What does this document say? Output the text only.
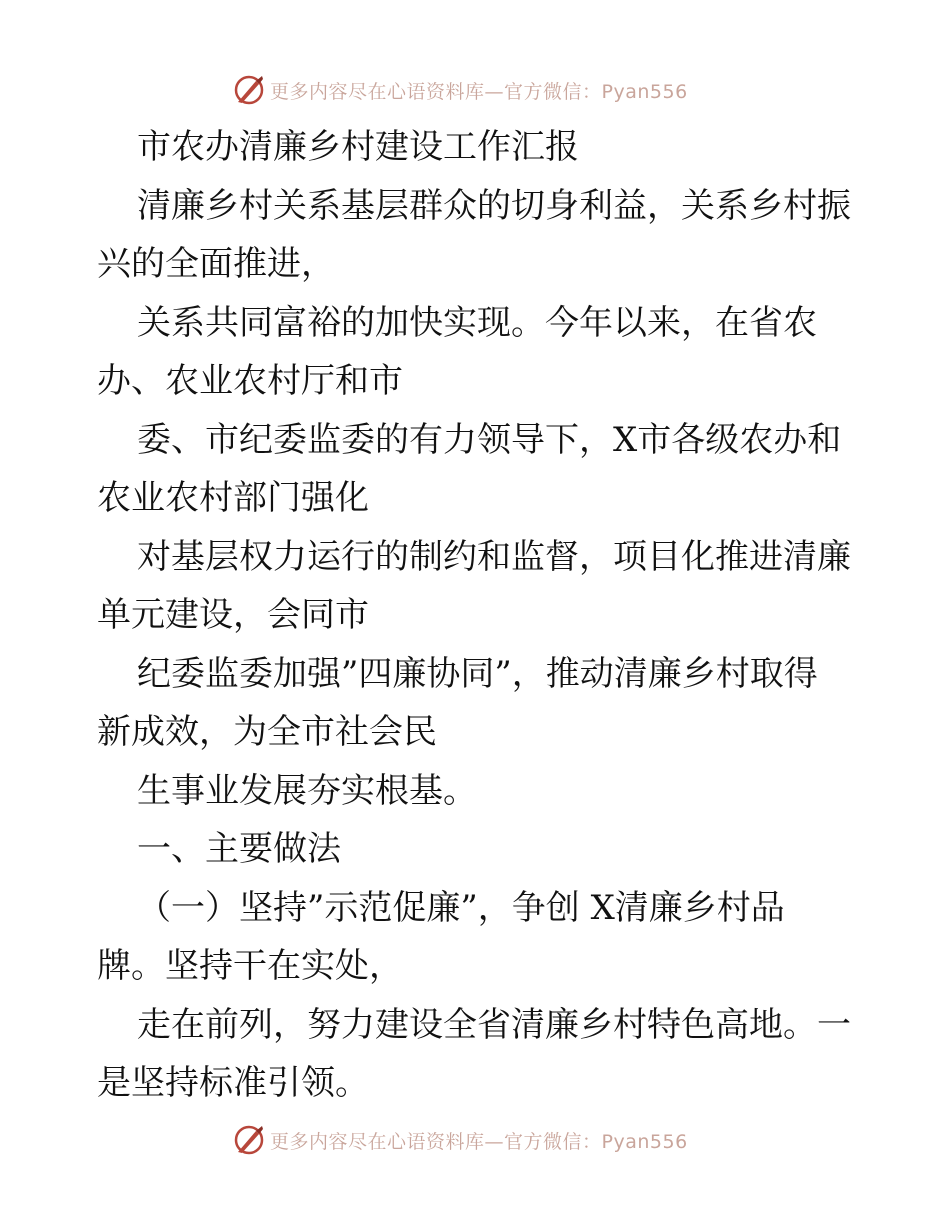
更多内容尽在心语资料库—官方微信：Pyan556
市农办清廉乡村建设工作汇报
清廉乡村关系基层群众的切身利益，关系乡村振
兴的全面推进，
关系共同富裕的加快实现。今年以来，在省农
办、农业农村厅和市
委、市纪委监委的有力领导下，X市各级农办和
农业农村部门强化
对基层权力运行的制约和监督，项目化推进清廉
单元建设，会同市
纪委监委加强”四廉协同”，推动清廉乡村取得
新成效，为全市社会民
生事业发展夯实根基。
一、主要做法
（一）坚持”示范促廉”，争创 X清廉乡村品
牌。坚持干在实处，
走在前列，努力建设全省清廉乡村特色高地。一
是坚持标准引领。
更多内容尽在心语资料库—官方微信：Pyan556
